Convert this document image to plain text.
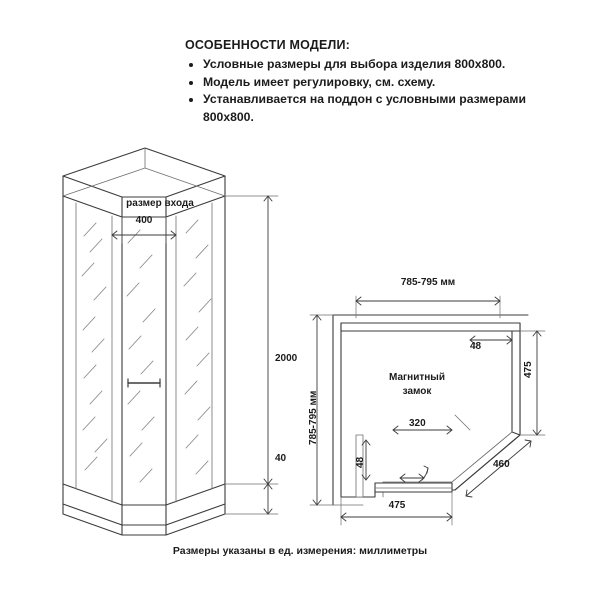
ОСОБЕННОСТИ МОДЕЛИ:
• Условные размеры для выбора изделия 800х800.
• Модель имеет регулировку, см. схему.
• Устанавливается на поддон с условными размерами 800х800.
Размеры указаны в ед. измерения: миллиметры
размер входа
400
2000
40
785-795 мм
785-795 мм
48
475
320
48	460
475
Магнитный
замок
